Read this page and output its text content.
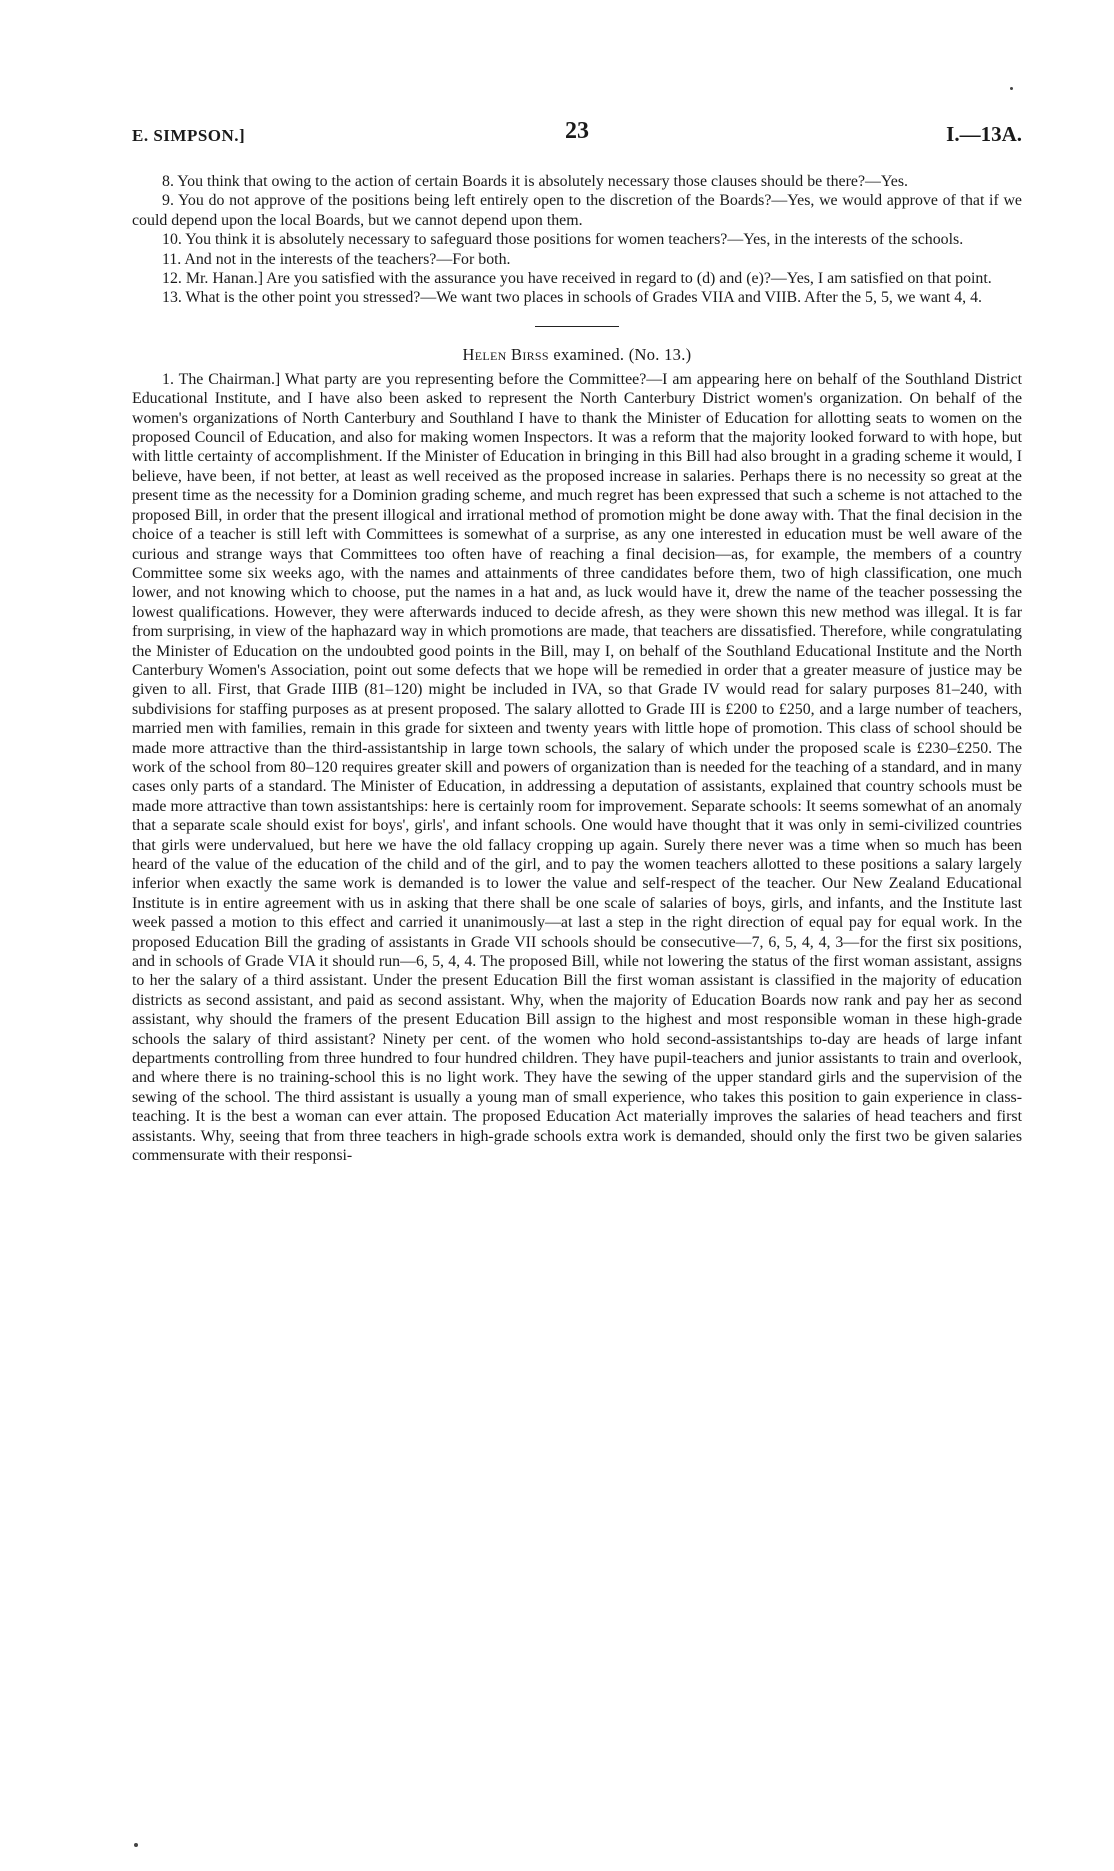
E. SIMPSON.]	23	I.—13A.

8. You think that owing to the action of certain Boards it is absolutely necessary those clauses should be there?—Yes.

9. You do not approve of the positions being left entirely open to the discretion of the Boards?—Yes, we would approve of that if we could depend upon the local Boards, but we cannot depend upon them.

10. You think it is absolutely necessary to safeguard those positions for women teachers?—Yes, in the interests of the schools.

11. And not in the interests of the teachers?—For both.

12. Mr. Hanan.] Are you satisfied with the assurance you have received in regard to (d) and (e)?—Yes, I am satisfied on that point.

13. What is the other point you stressed?—We want two places in schools of Grades VIIA and VIIB. After the 5, 5, we want 4, 4.

Helen Birss examined. (No. 13.)

1. The Chairman.] What party are you representing before the Committee?—I am appearing here on behalf of the Southland District Educational Institute, and I have also been asked to represent the North Canterbury District women's organization. On behalf of the women's organizations of North Canterbury and Southland I have to thank the Minister of Education for allotting seats to women on the proposed Council of Education, and also for making women Inspectors. It was a reform that the majority looked forward to with hope, but with little certainty of accomplishment. If the Minister of Education in bringing in this Bill had also brought in a grading scheme it would, I believe, have been, if not better, at least as well received as the proposed increase in salaries. Perhaps there is no necessity so great at the present time as the necessity for a Dominion grading scheme, and much regret has been expressed that such a scheme is not attached to the proposed Bill, in order that the present illogical and irrational method of promotion might be done away with. That the final decision in the choice of a teacher is still left with Committees is somewhat of a surprise, as any one interested in education must be well aware of the curious and strange ways that Committees too often have of reaching a final decision—as, for example, the members of a country Committee some six weeks ago, with the names and attainments of three candidates before them, two of high classification, one much lower, and not knowing which to choose, put the names in a hat and, as luck would have it, drew the name of the teacher possessing the lowest qualifications. However, they were afterwards induced to decide afresh, as they were shown this new method was illegal. It is far from surprising, in view of the haphazard way in which promotions are made, that teachers are dissatisfied. Therefore, while congratulating the Minister of Education on the undoubted good points in the Bill, may I, on behalf of the Southland Educational Institute and the North Canterbury Women's Association, point out some defects that we hope will be remedied in order that a greater measure of justice may be given to all. First, that Grade IIIB (81–120) might be included in IVA, so that Grade IV would read for salary purposes 81–240, with subdivisions for staffing purposes as at present proposed. The salary allotted to Grade III is £200 to £250, and a large number of teachers, married men with families, remain in this grade for sixteen and twenty years with little hope of promotion. This class of school should be made more attractive than the third-assistantship in large town schools, the salary of which under the proposed scale is £230–£250. The work of the school from 80–120 requires greater skill and powers of organization than is needed for the teaching of a standard, and in many cases only parts of a standard. The Minister of Education, in addressing a deputation of assistants, explained that country schools must be made more attractive than town assistantships: here is certainly room for improvement. Separate schools: It seems somewhat of an anomaly that a separate scale should exist for boys', girls', and infant schools. One would have thought that it was only in semi-civilized countries that girls were undervalued, but here we have the old fallacy cropping up again. Surely there never was a time when so much has been heard of the value of the education of the child and of the girl, and to pay the women teachers allotted to these positions a salary largely inferior when exactly the same work is demanded is to lower the value and self-respect of the teacher. Our New Zealand Educational Institute is in entire agreement with us in asking that there shall be one scale of salaries of boys, girls, and infants, and the Institute last week passed a motion to this effect and carried it unanimously—at last a step in the right direction of equal pay for equal work. In the proposed Education Bill the grading of assistants in Grade VII schools should be consecutive—7, 6, 5, 4, 4, 3—for the first six positions, and in schools of Grade VIA it should run—6, 5, 4, 4. The proposed Bill, while not lowering the status of the first woman assistant, assigns to her the salary of a third assistant. Under the present Education Bill the first woman assistant is classified in the majority of education districts as second assistant, and paid as second assistant. Why, when the majority of Education Boards now rank and pay her as second assistant, why should the framers of the present Education Bill assign to the highest and most responsible woman in these high-grade schools the salary of third assistant? Ninety per cent. of the women who hold second-assistantships to-day are heads of large infant departments controlling from three hundred to four hundred children. They have pupil-teachers and junior assistants to train and overlook, and where there is no training-school this is no light work. They have the sewing of the upper standard girls and the supervision of the sewing of the school. The third assistant is usually a young man of small experience, who takes this position to gain experience in class-teaching. It is the best a woman can ever attain. The proposed Education Act materially improves the salaries of head teachers and first assistants. Why, seeing that from three teachers in high-grade schools extra work is demanded, should only the first two be given salaries commensurate with their responsi-
